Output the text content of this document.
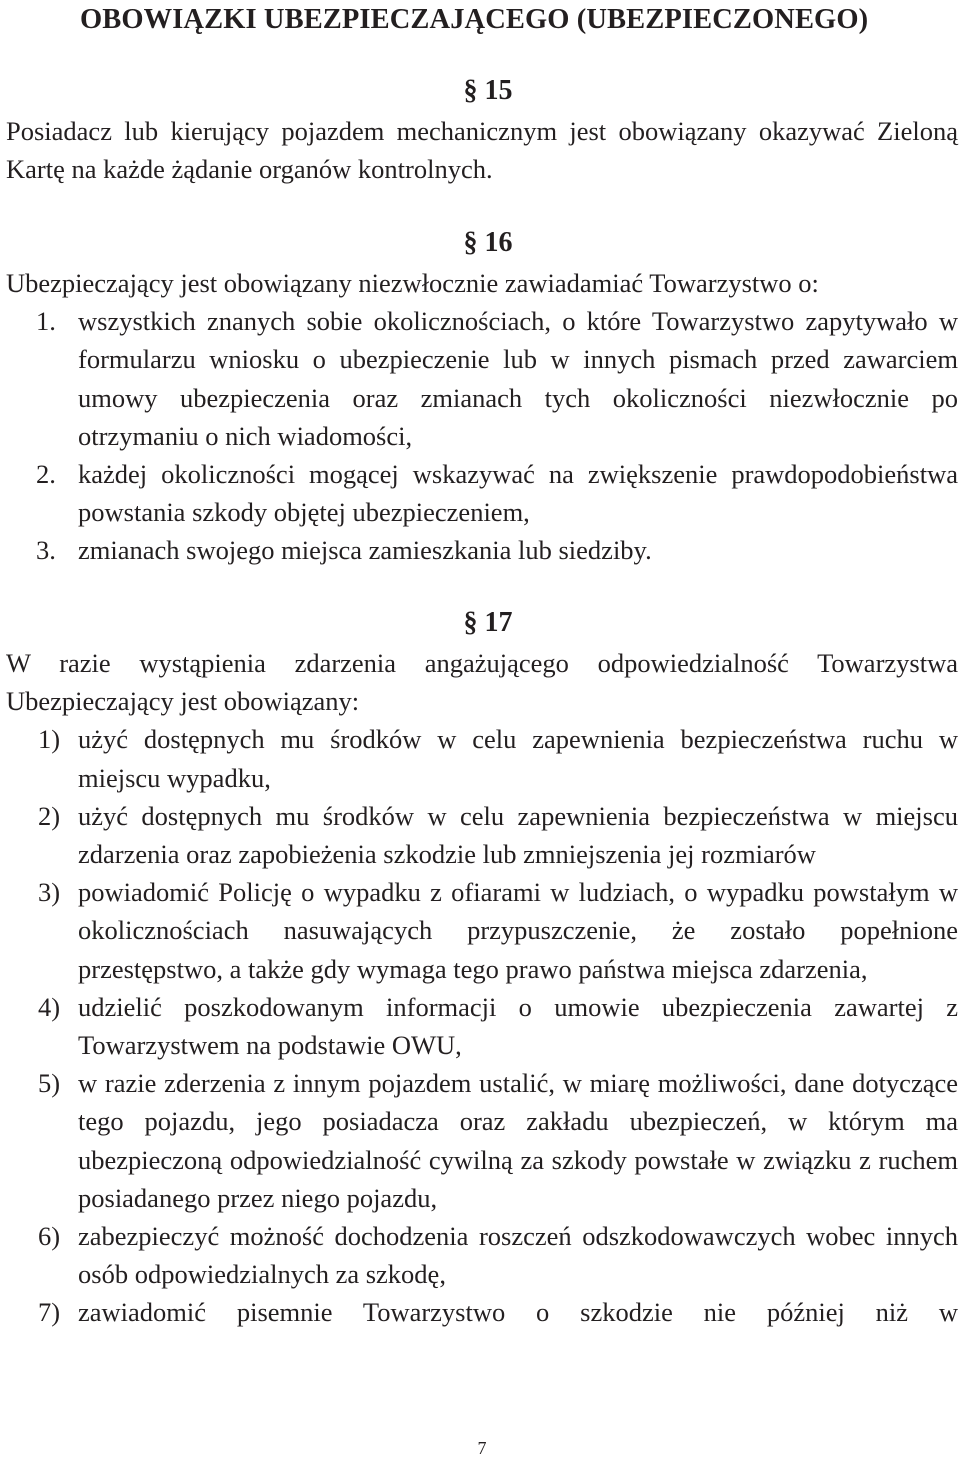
OBOWIĄZKI UBEZPIECZAJĄCEGO (UBEZPIECZONEGO)
§ 15

Posiadacz lub kierujący pojazdem mechanicznym jest obowiązany okazywać Zieloną Kartę na każde żądanie organów kontrolnych.

§ 16

Ubezpieczający jest obowiązany niezwłocznie zawiadamiać Towarzystwo o:

1. wszystkich znanych sobie okolicznościach, o które Towarzystwo zapytywało w formularzu wniosku o ubezpieczenie lub w innych pismach przed zawarciem umowy ubezpieczenia oraz zmianach tych okoliczności niezwłocznie po otrzymaniu o nich wiadomości,
2. każdej okoliczności mogącej wskazywać na zwiększenie prawdopodobieństwa powstania szkody objętej ubezpieczeniem,
3. zmianach swojego miejsca zamieszkania lub siedziby.
§ 17

W razie wystąpienia zdarzenia angażującego odpowiedzialność Towarzystwa Ubezpieczający jest obowiązany:

1) użyć dostępnych mu środków w celu zapewnienia bezpieczeństwa ruchu w miejscu wypadku,
2) użyć dostępnych mu środków w celu zapewnienia bezpieczeństwa w miejscu zdarzenia oraz zapobieżenia szkodzie lub zmniejszenia jej rozmiarów
3) powiadomić Policję o wypadku z ofiarami w ludziach, o wypadku powstałym w okolicznościach nasuwających przypuszczenie, że zostało popełnione przestępstwo, a także gdy wymaga tego prawo państwa miejsca zdarzenia,
4) udzielić poszkodowanym informacji o umowie ubezpieczenia zawartej z Towarzystwem na podstawie OWU,
5) w razie zderzenia z innym pojazdem ustalić, w miarę możliwości, dane dotyczące tego pojazdu, jego posiadacza oraz zakładu ubezpieczeń, w którym ma ubezpieczoną odpowiedzialność cywilną za szkody powstałe w związku z ruchem posiadanego przez niego pojazdu,
6) zabezpieczyć możność dochodzenia roszczeń odszkodowawczych wobec innych osób odpowiedzialnych za szkodę,
7) zawiadomić pisemnie Towarzystwo o szkodzie nie później niż w
7
